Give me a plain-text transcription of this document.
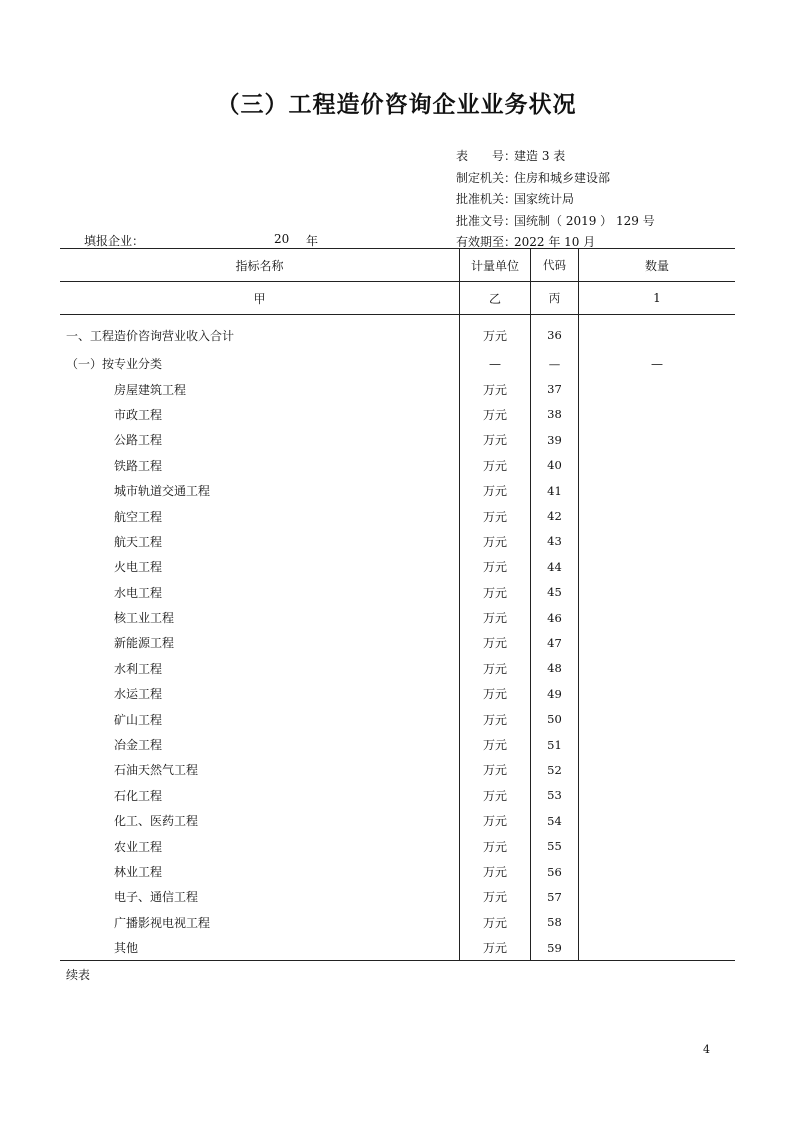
（三）工程造价咨询企业业务状况
表　　号：建造 3 表
制定机关：住房和城乡建设部
批准机关：国家统计局
批准文号：国统制（ 2019 ） 129 号
有效期至：2022 年 10 月
填报企业：	20 年
指标名称	计量单位	代码	数量
甲	乙	丙	1
一、工程造价咨询营业收入合计	万元	36	
（一）按专业分类	—	—	—
房屋建筑工程	万元	37	
市政工程	万元	38	
公路工程	万元	39	
铁路工程	万元	40	
城市轨道交通工程	万元	41	
航空工程	万元	42	
航天工程	万元	43	
火电工程	万元	44	
水电工程	万元	45	
核工业工程	万元	46	
新能源工程	万元	47	
水利工程	万元	48	
水运工程	万元	49	
矿山工程	万元	50	
冶金工程	万元	51	
石油天然气工程	万元	52	
石化工程	万元	53	
化工、医药工程	万元	54	
农业工程	万元	55	
林业工程	万元	56	
电子、通信工程	万元	57	
广播影视电视工程	万元	58	
其他	万元	59	
续表
4
